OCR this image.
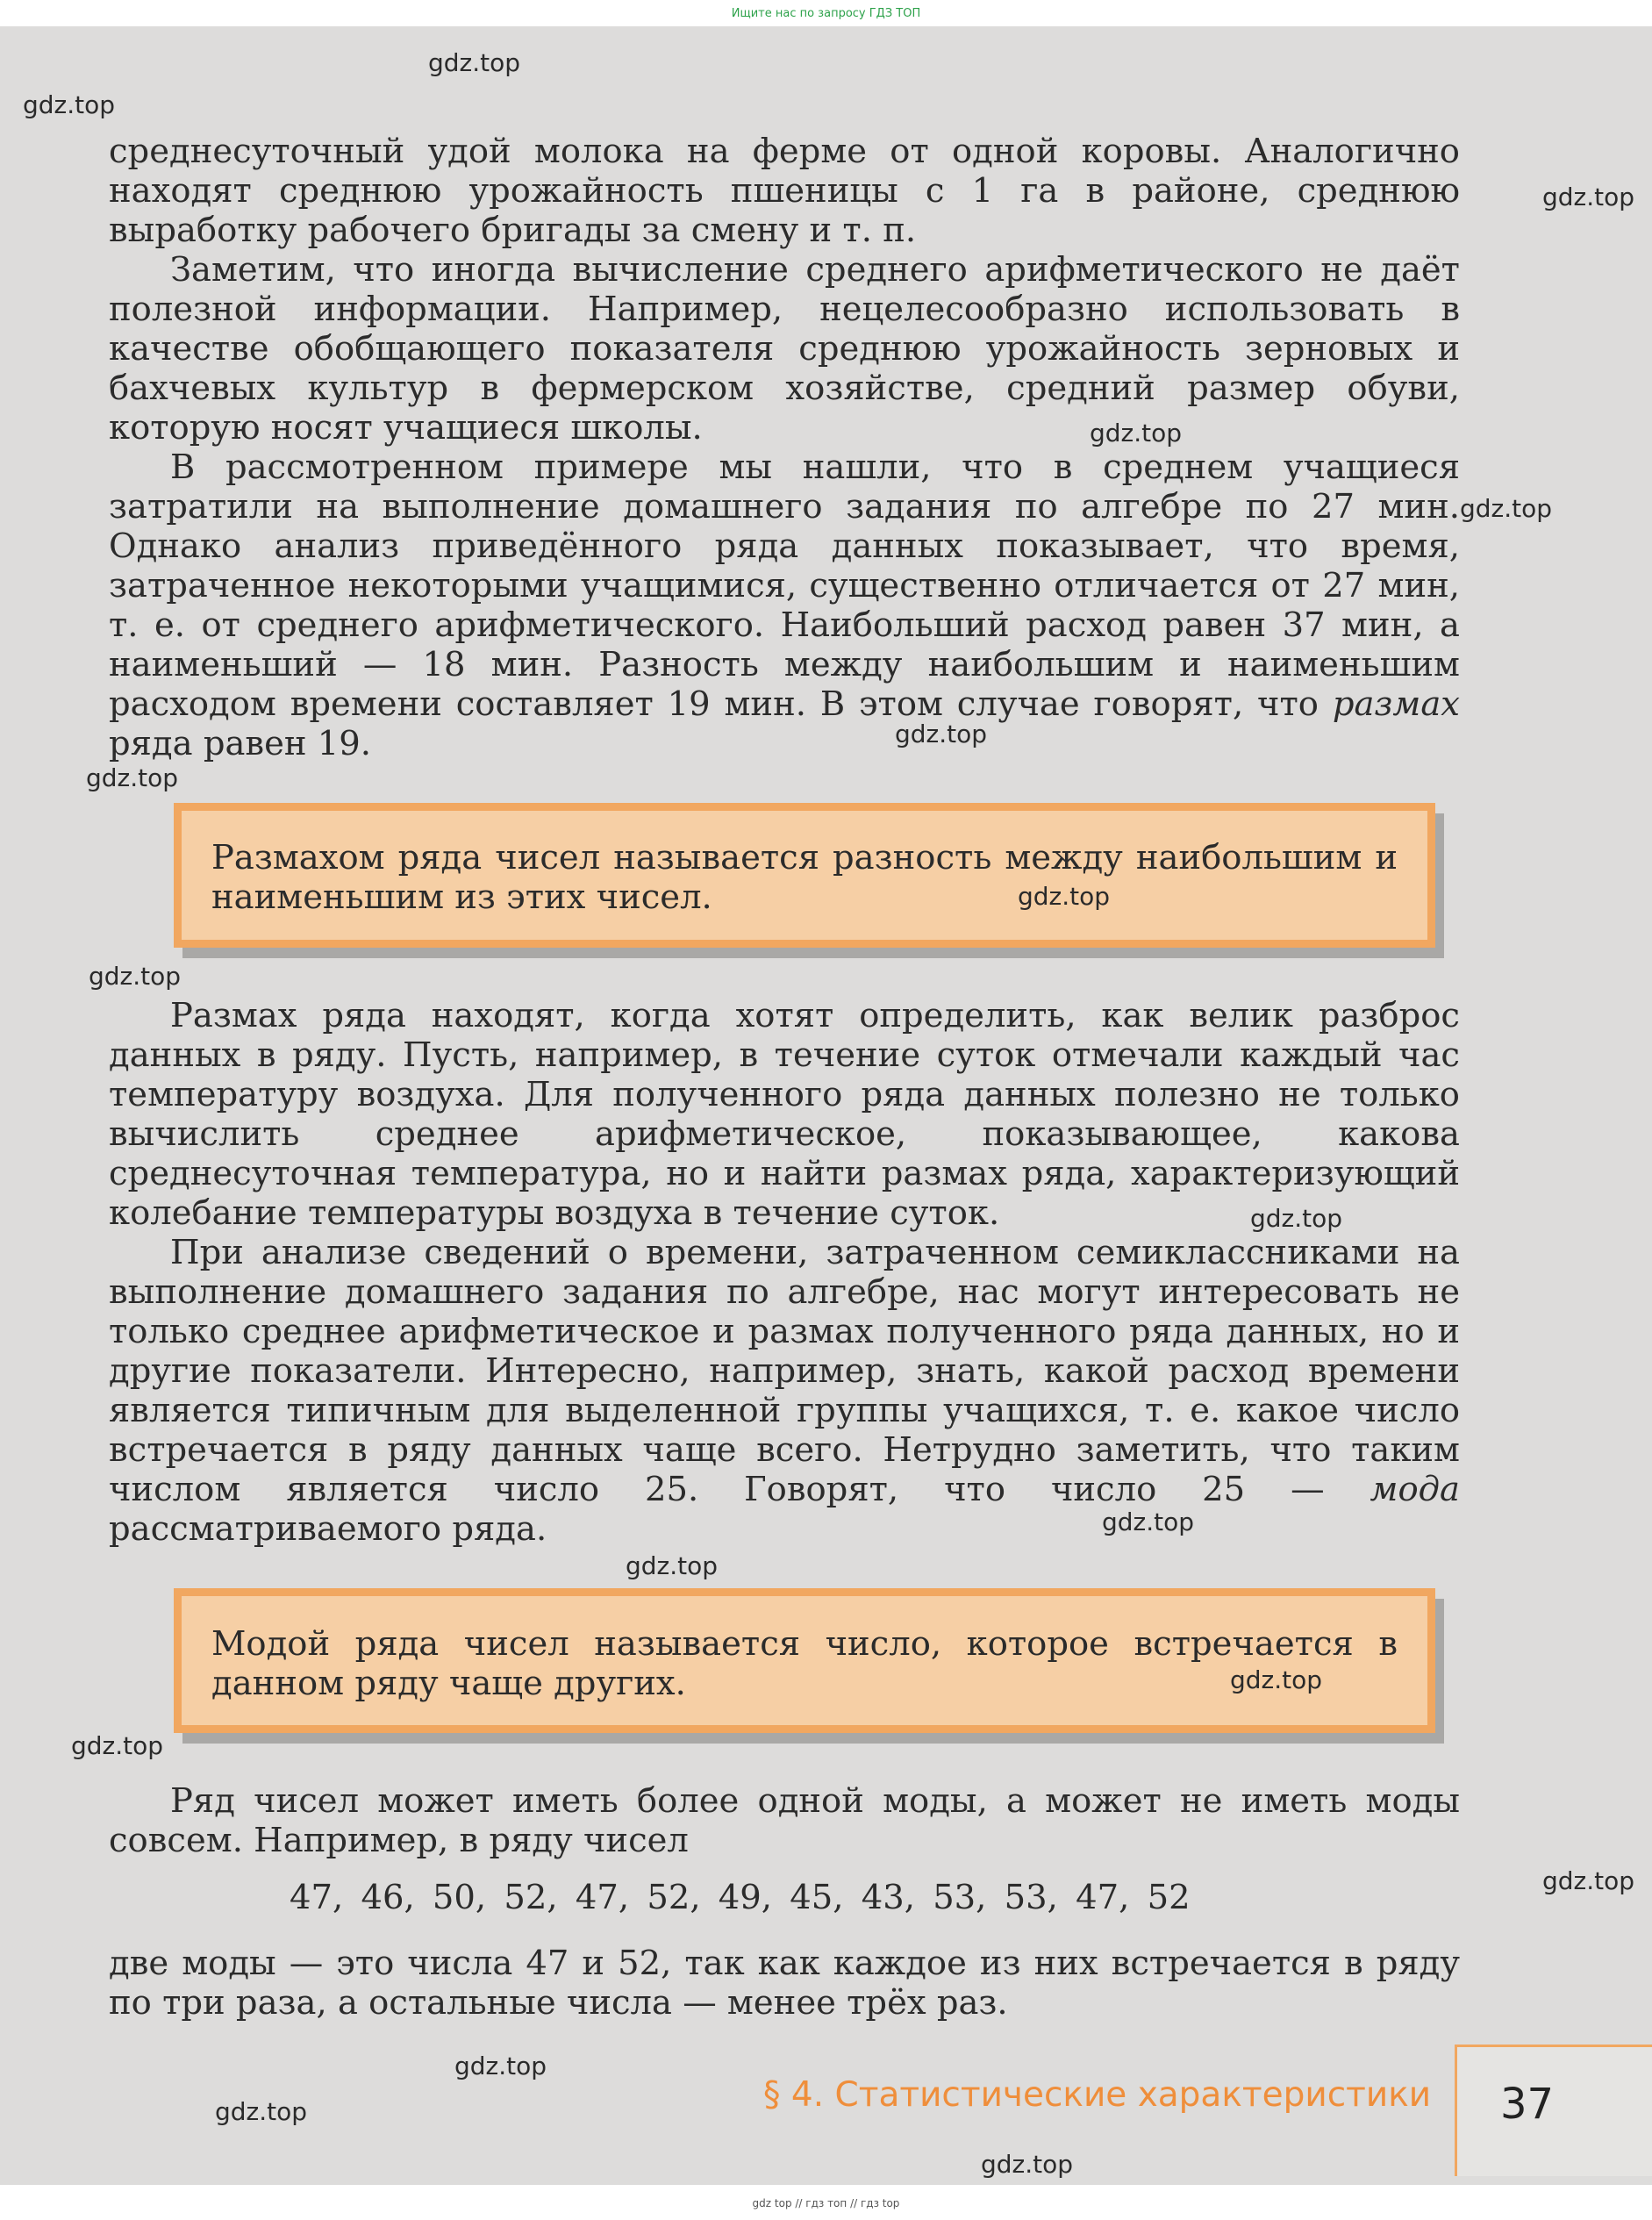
Ищите нас по запросу ГДЗ ТОП

среднесуточный удой молока на ферме от одной коровы. Аналогично находят среднюю урожайность пшеницы с 1 га в районе, среднюю выработку рабочего бригады за смену и т. п.

Заметим, что иногда вычисление среднего арифметического не даёт полезной информации. Например, нецелесообразно использовать в качестве обобщающего показателя среднюю урожайность зерновых и бахчевых культур в фермерском хозяйстве, средний размер обуви, которую носят учащиеся школы.

В рассмотренном примере мы нашли, что в среднем учащиеся затратили на выполнение домашнего задания по алгебре по 27 мин. Однако анализ приведённого ряда данных показывает, что время, затраченное некоторыми учащимися, существенно отличается от 27 мин, т. е. от среднего арифметического. Наибольший расход равен 37 мин, а наименьший — 18 мин. Разность между наибольшим и наименьшим расходом времени составляет 19 мин. В этом случае говорят, что размах ряда равен 19.

Размахом ряда чисел называется разность между наибольшим и наименьшим из этих чисел.

Размах ряда находят, когда хотят определить, как велик разброс данных в ряду. Пусть, например, в течение суток отмечали каждый час температуру воздуха. Для полученного ряда данных полезно не только вычислить среднее арифметическое, показывающее, какова среднесуточная температура, но и найти размах ряда, характеризующий колебание температуры воздуха в течение суток.

При анализе сведений о времени, затраченном семиклассниками на выполнение домашнего задания по алгебре, нас могут интересовать не только среднее арифметическое и размах полученного ряда данных, но и другие показатели. Интересно, например, знать, какой расход времени является типичным для выделенной группы учащихся, т. е. какое число встречается в ряду данных чаще всего. Нетрудно заметить, что таким числом является число 25. Говорят, что число 25 — мода рассматриваемого ряда.

Модой ряда чисел называется число, которое встречается в данном ряду чаще других.

Ряд чисел может иметь более одной моды, а может не иметь моды совсем. Например, в ряду чисел

47, 46, 50, 52, 47, 52, 49, 45, 43, 53, 53, 47, 52

две моды — это числа 47 и 52, так как каждое из них встречается в ряду по три раза, а остальные числа — менее трёх раз.

§ 4. Статистические характеристики 37
gdz.top
gdz.top
gdz.top
gdz.top
gdz.top
gdz.top
gdz.top
gdz.top
gdz.top
gdz.top
gdz.top
gdz.top
gdz.top
gdz.top
gdz.top
gdz.top
gdz.top
gdz.top
gdz top // гдз топ // гдз top
